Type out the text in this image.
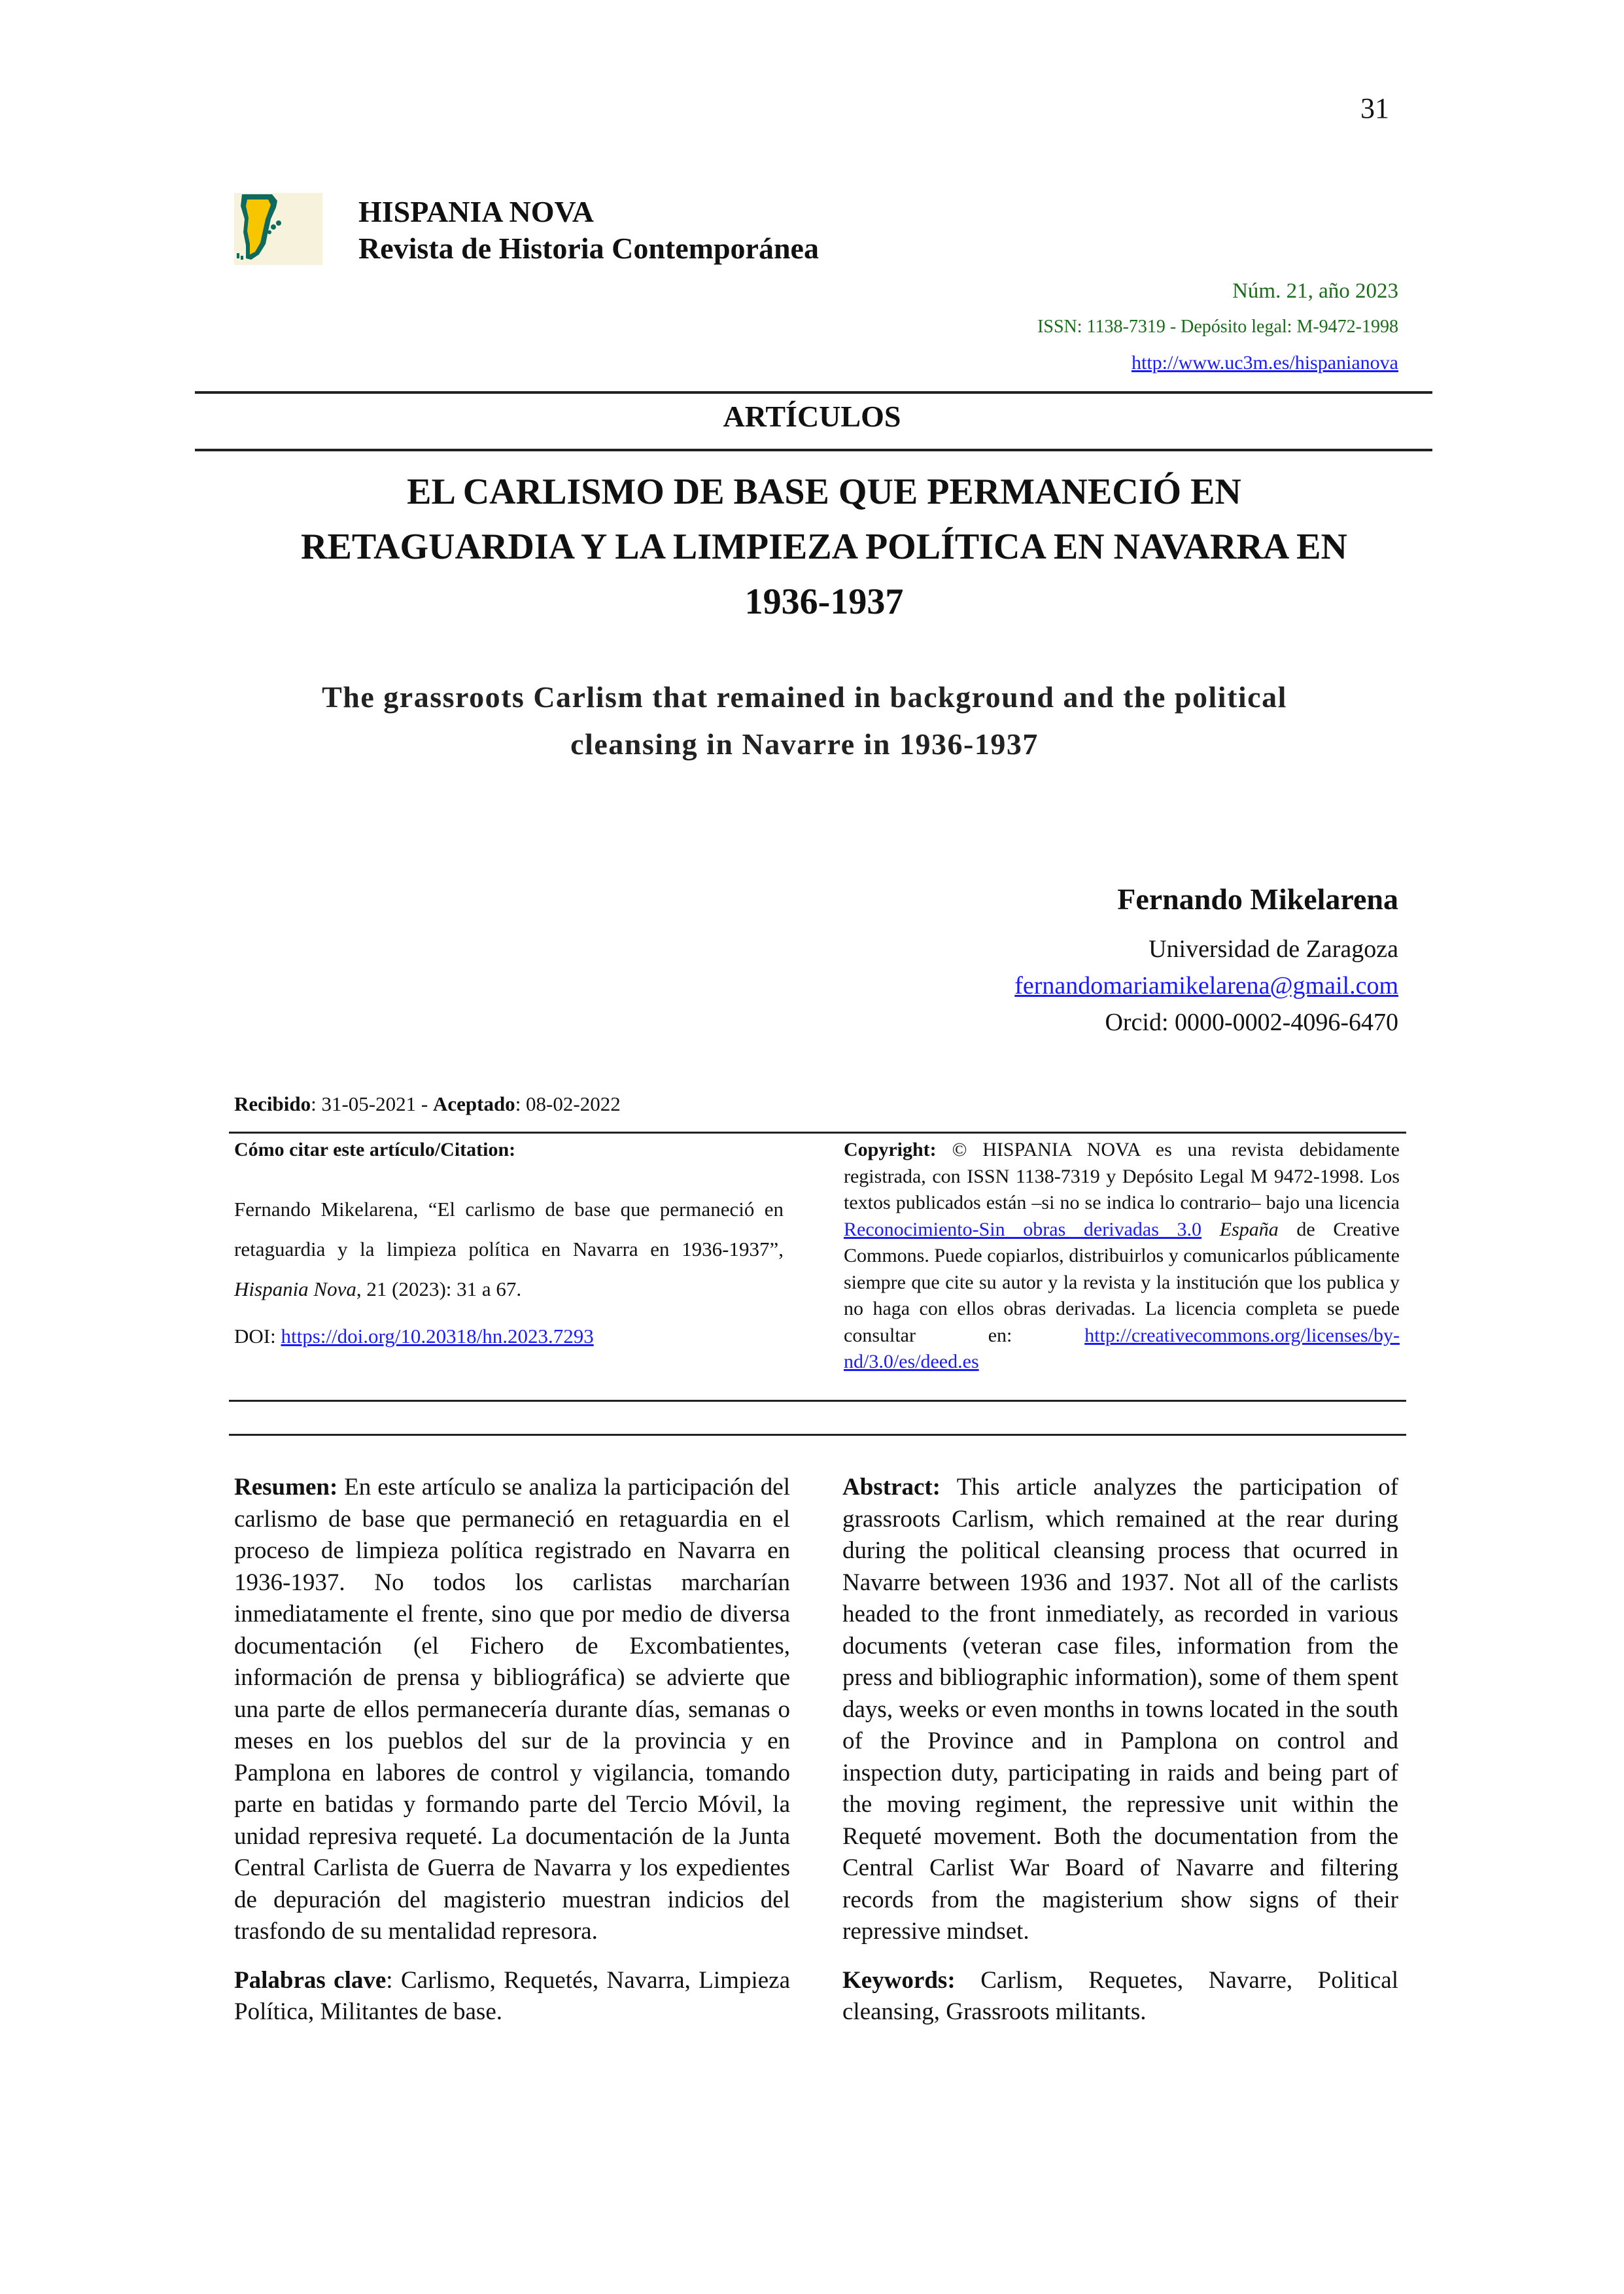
31
HISPANIA NOVA
Revista de Historia Contemporánea
Núm. 21, año 2023
ISSN: 1138-7319 - Depósito legal: M-9472-1998
http://www.uc3m.es/hispanianova
ARTÍCULOS
EL CARLISMO DE BASE QUE PERMANECIÓ EN
RETAGUARDIA Y LA LIMPIEZA POLÍTICA EN NAVARRA EN
1936-1937
The grassroots Carlism that remained in background and the political
cleansing in Navarre in 1936-1937
Fernando Mikelarena
Universidad de Zaragoza
fernandomariamikelarena@gmail.com
Orcid: 0000-0002-4096-6470
Recibido: 31-05-2021 - Aceptado: 08-02-2022
Cómo citar este artículo/Citation:
Fernando Mikelarena, “El carlismo de base que permaneció en retaguardia y la limpieza política en Navarra en 1936-1937”, Hispania Nova, 21 (2023): 31 a 67.
DOI: https://doi.org/10.20318/hn.2023.7293
Copyright: © HISPANIA NOVA es una revista debidamente registrada, con ISSN 1138-7319 y Depósito Legal M 9472-1998. Los textos publicados están –si no se indica lo contrario– bajo una licencia Reconocimiento-Sin obras derivadas 3.0 España de Creative Commons. Puede copiarlos, distribuirlos y comunicarlos públicamente siempre que cite su autor y la revista y la institución que los publica y no haga con ellos obras derivadas. La licencia completa se puede consultar en: http://creativecommons.org/licenses/by-nd/3.0/es/deed.es
Resumen: En este artículo se analiza la participación del carlismo de base que permaneció en retaguardia en el proceso de limpieza política registrado en Navarra en 1936-1937. No todos los carlistas marcharían inmediatamente el frente, sino que por medio de diversa documentación (el Fichero de Excombatientes, información de prensa y bibliográfica) se advierte que una parte de ellos permanecería durante días, semanas o meses en los pueblos del sur de la provincia y en Pamplona en labores de control y vigilancia, tomando parte en batidas y formando parte del Tercio Móvil, la unidad represiva requeté. La documentación de la Junta Central Carlista de Guerra de Navarra y los expedientes de depuración del magisterio muestran indicios del trasfondo de su mentalidad represora.
Palabras clave: Carlismo, Requetés, Navarra, Limpieza Política, Militantes de base.
Abstract: This article analyzes the participation of grassroots Carlism, which remained at the rear during during the political cleansing process that ocurred in Navarre between 1936 and 1937. Not all of the carlists headed to the front inmediately, as recorded in various documents (veteran case files, information from the press and bibliographic information), some of them spent days, weeks or even months in towns located in the south of the Province and in Pamplona on control and inspection duty, participating in raids and being part of the moving regiment, the repressive unit within the Requeté movement. Both the documentation from the Central Carlist War Board of Navarre and filtering records from the magisterium show signs of their repressive mindset.
Keywords: Carlism, Requetes, Navarre, Political cleansing, Grassroots militants.
